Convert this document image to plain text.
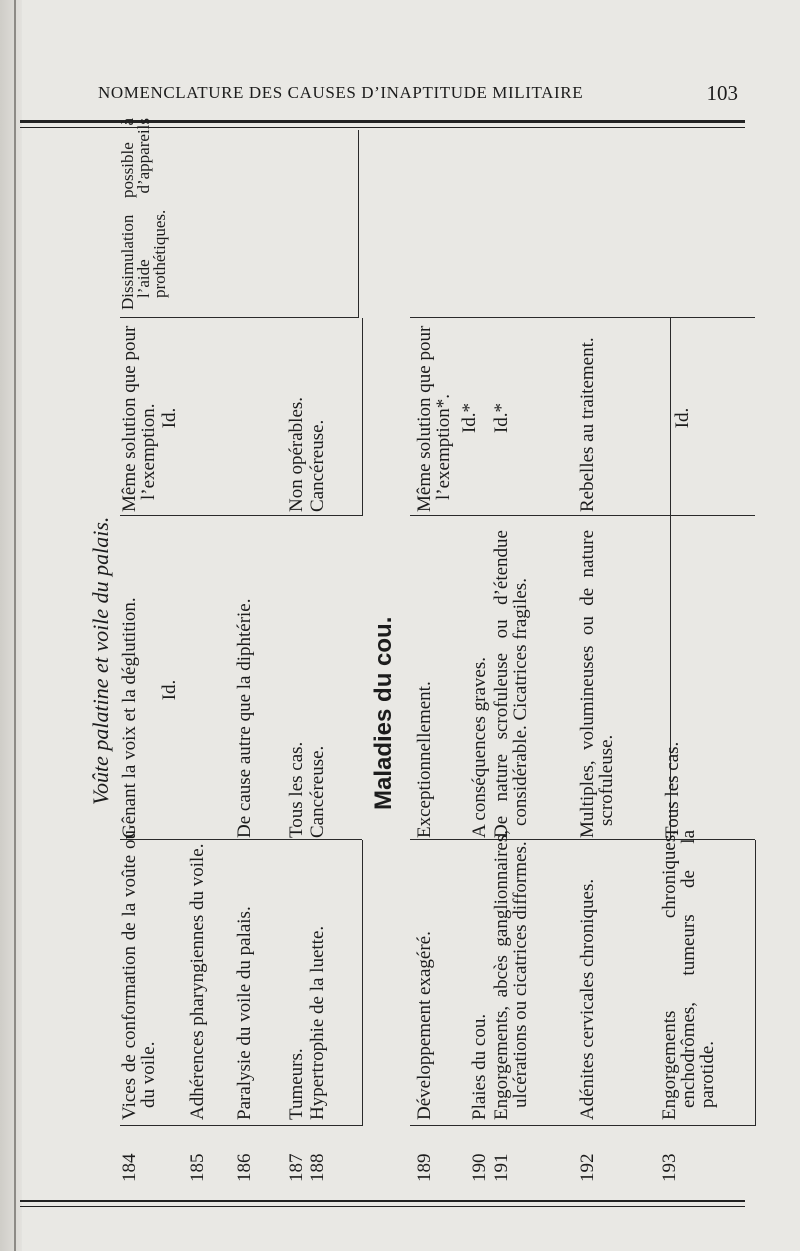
NOMENCLATURE DES CAUSES D’INAPTITUDE MILITAIRE	103
Voûte palatine et voile du palais.
184
Vices de conformation de la voûte ou du voile.
Gênant la voix et la déglutition.
Même solution que pour l’exemption.
Dissimulation possible à l’aide d’appareils prothétiques.
185
Adhérences pharyngiennes du voile.
Id.
Id.
186
Paralysie du voile du palais.
De cause autre que la diphtérie.
187
Tumeurs.
Tous les cas.
Non opérables.
188
Hypertrophie de la luette.
Cancéreuse.
Cancéreuse.
Maladies du cou.
189
Développement exagéré.
Exceptionnellement.
Même solution que pour l’exemption*.
190
Plaies du cou.
A conséquences graves.
Id.*
191
Engorgements, abcès ganglionnaires, ulcérations ou cicatrices difformes.
De nature scrofuleuse ou d’étendue considérable. Cicatrices fragiles.
Id.*
192
Adénites cervicales chroniques.
Multiples, volumineuses ou de nature scrofuleuse.
Rebelles au traitement.
193
Engorgements chroniques, enchodrômes, tumeurs de la parotide.
Tous les cas.
Id.
